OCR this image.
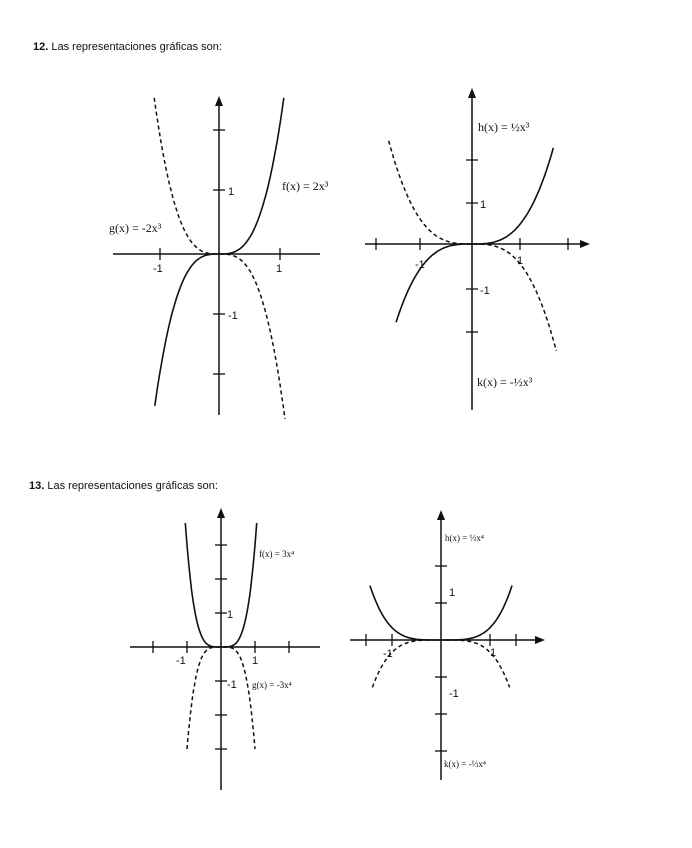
12. Las representaciones gráficas son:
13. Las representaciones gráficas son:
-1	1
1
-1
f(x) = 2x³
g(x) = -2x³
-1	1
1
-1
h(x) = ½x³
k(x) = -½x³
-1	1
1
-1
f(x) = 3x⁴
g(x) = -3x⁴
-1	1
1
-1
h(x) = ⅓x⁴
k(x) = -⅓x⁴
